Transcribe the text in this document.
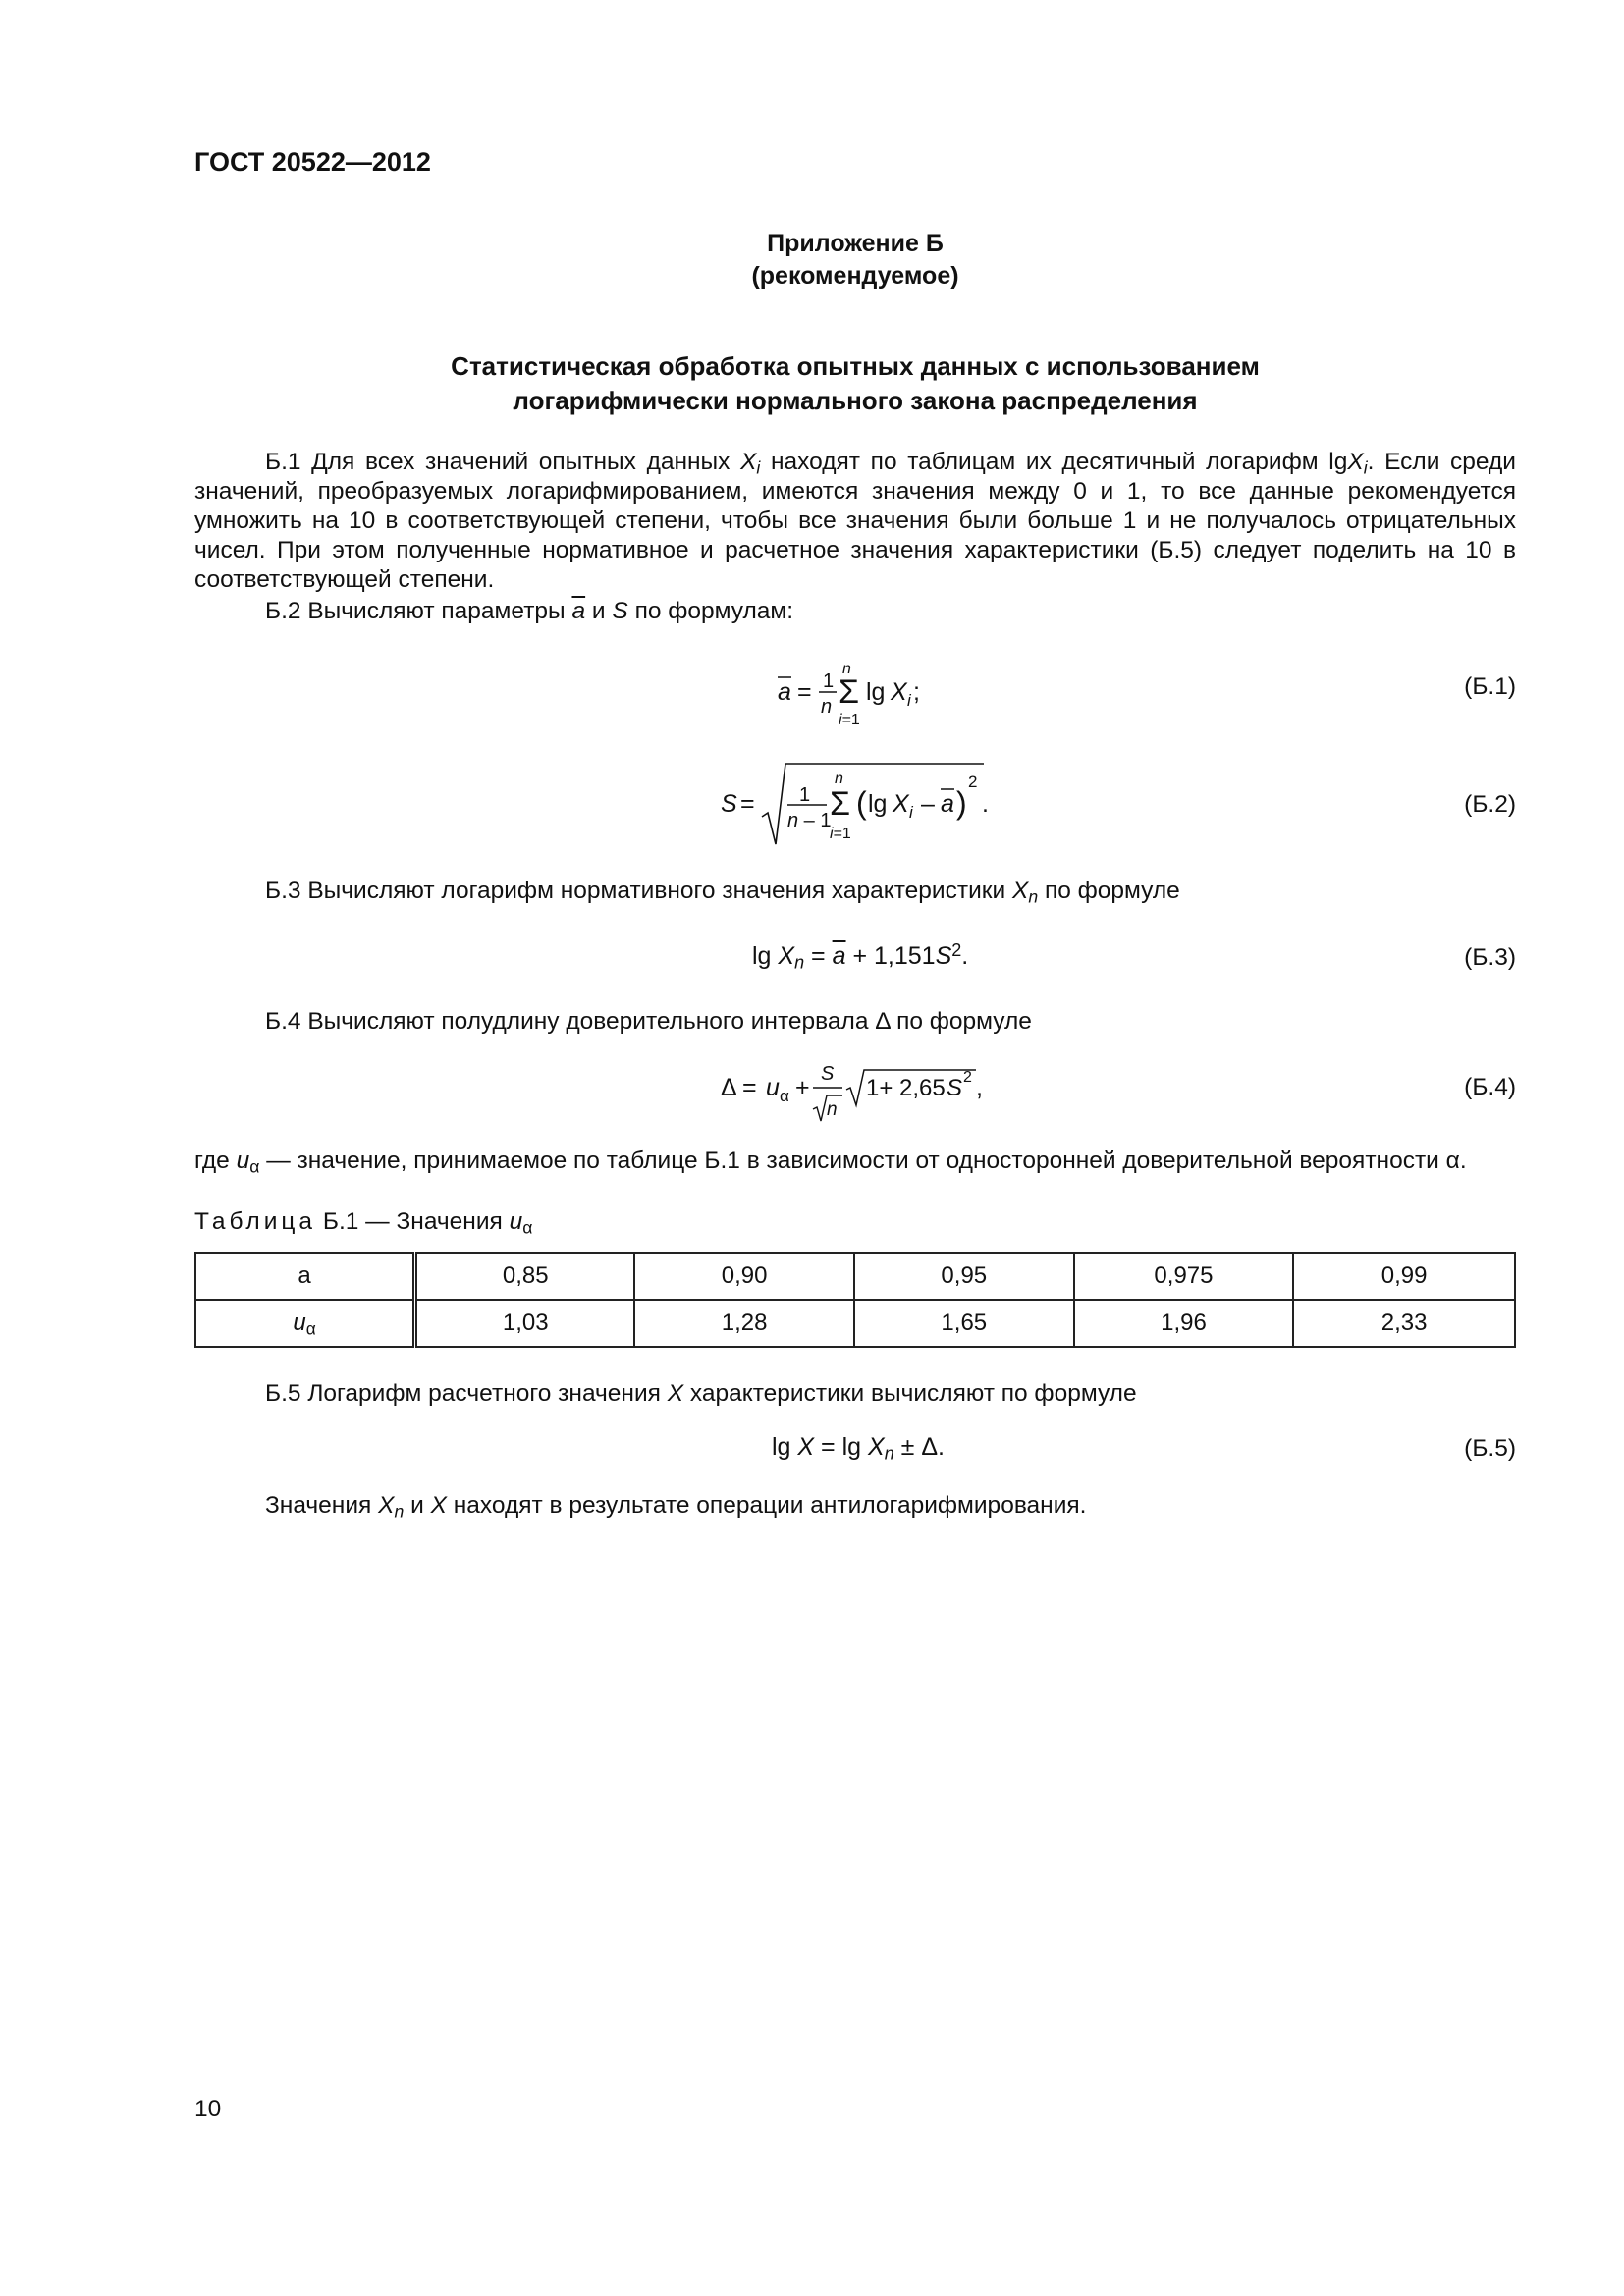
ГОСТ 20522—2012
Приложение Б
(рекомендуемое)
Статистическая обработка опытных данных с использованием
логарифмически нормального закона распределения
Б.1 Для всех значений опытных данных $X_i$ находят по таблицам их десятичный логарифм lgX$_i$. Если среди значений, преобразуемых логарифмированием, имеются значения между 0 и 1, то все данные рекомендуется умножить на 10 в соответствующей степени, чтобы все значения были больше 1 и не получалось отрицательных чисел. При этом полученные нормативное и расчетное значения характеристики (Б.5) следует поделить на 10 в соответствующей степени.
Б.2 Вычисляют параметры $\overline{a}$ и S по формулам:
a = 1
n
n
Σ
i=1
lg X i ;	(Б.1)
S = 1
n – 1
n
Σ
i=1
( lg X i – a )
2
.	(Б.2)
Б.3 Вычисляют логарифм нормативного значения характеристики $X_n$ по формуле
$\lg X_n = \overline{a} + 1,151S^2$.	(Б.3)
Б.4 Вычисляют полудлину доверительного интервала Δ по формуле
Δ = u α + S
n
1+ 2,65 S 2 ,	(Б.4)
где $u_\alpha$ — значение, принимаемое по таблице Б.1 в зависимости от односторонней доверительной вероятности α.
Таблица Б.1 — Значения $u_\alpha$
а	0,85	0,90	0,95	0,975	0,99
$u_\alpha$	1,03	1,28	1,65	1,96	2,33
Б.5 Логарифм расчетного значения X характеристики вычисляют по формуле
$\lg X = \lg X_n \pm \Delta$.	(Б.5)
Значения $X_n$ и X находят в результате операции антилогарифмирования.
10
